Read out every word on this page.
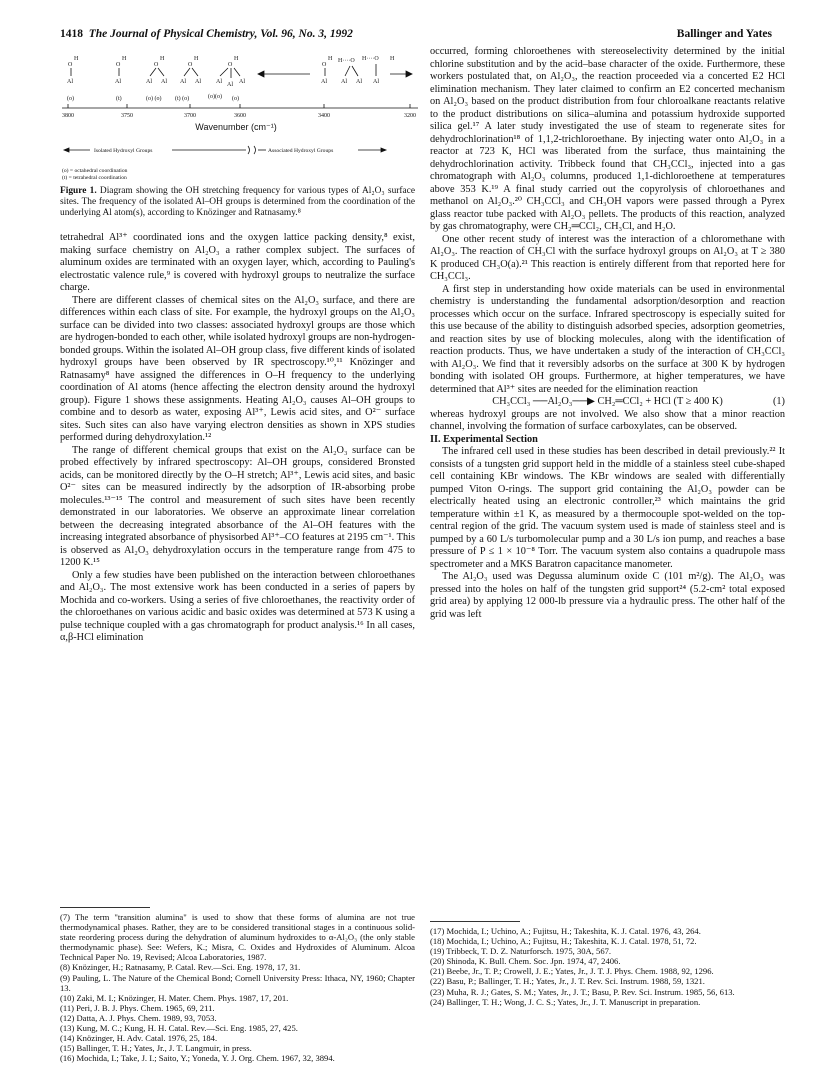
1418 The Journal of Physical Chemistry, Vol. 96, No. 3, 1992	Ballinger and Yates
O
H
Al
O
H
Al
O
H
Al Al
O
H
Al Al
O
H
Al Al Al
O
H H····O H····O H
Al Al Al Al
(o)	(t)	(o) (o) (t) (o)	(o)(o) (o)
3800	3750	3700	3600	3400	3200
Wavenumber (cm⁻¹)
Isolated Hydroxyl Groups	Associated Hydroxyl Groups
(o) = octahedral coordination
(t) = tetrahedral coordination
Figure 1. Diagram showing the OH stretching frequency for various types of Al₂O₃ surface sites. The frequency of the isolated Al–OH groups is determined from the coordination of the underlying Al atom(s), according to Knözinger and Ratnasamy.⁸

tetrahedral Al³⁺ coordinated ions and the oxygen lattice packing density,⁸ exist, making surface chemistry on Al₂O₃ a rather complex subject. The surfaces of aluminum oxides are terminated with an oxygen layer, which, according to Pauling's electrostatic valence rule,⁹ is covered with hydroxyl groups to neutralize the surface charge.

There are different classes of chemical sites on the Al₂O₃ surface, and there are differences within each class of site. For example, the hydroxyl groups on the Al₂O₃ surface can be divided into two classes: associated hydroxyl groups are those which are hydrogen-bonded to each other, while isolated hydroxyl groups are non-hydrogen-bonded groups. Within the isolated Al–OH group class, five different kinds of isolated hydroxyl groups have been observed by IR spectroscopy.¹⁰,¹¹ Knözinger and Ratnasamy⁸ have assigned the differences in O–H frequency to the underlying coordination of Al atoms (hence affecting the electron density around the hydroxyl group). Figure 1 shows these assignments. Heating Al₂O₃ causes Al–OH groups to combine and to desorb as water, exposing Al³⁺, Lewis acid sites, and O²⁻ surface sites. Such sites can also have varying electron densities as shown in XPS studies performed during dehydroxylation.¹²

The range of different chemical groups that exist on the Al₂O₃ surface can be probed effectively by infrared spectroscopy: Al–OH groups, considered Bronsted acids, can be monitored directly by the O–H stretch; Al³⁺, Lewis acid sites, and basic O²⁻ sites can be measured indirectly by the adsorption of IR-absorbing probe molecules.¹³⁻¹⁵ The control and measurement of such sites have been recently demonstrated in our laboratories. We observe an approximate linear correlation between the decreasing integrated absorbance of the Al–OH features with the increasing integrated absorbance of physisorbed Al³⁺–CO features at 2195 cm⁻¹. This is observed as Al₂O₃ dehydroxylation occurs in the temperature range from 475 to 1200 K.¹⁵

Only a few studies have been published on the interaction between chloroethanes and Al₂O₃. The most extensive work has been conducted in a series of papers by Mochida and co-workers. Using a series of five chloroethanes, the reactivity order of the chloroethanes on various acidic and basic oxides was determined at 573 K using a pulse technique coupled with a gas chromatograph for product analysis.¹⁶ In all cases, α,β-HCl elimination

(7) The term "transition alumina" is used to show that these forms of alumina are not true thermodynamical phases. Rather, they are to be considered transitional stages in a continuous solid-state reordering process during the dehydration of aluminum hydroxides to α-Al₂O₃ (the only stable thermodynamic phase). See: Wefers, K.; Misra, C. Oxides and Hydroxides of Aluminum. Alcoa Technical Paper No. 19, Revised; Alcoa Laboratories, 1987.
(8) Knözinger, H.; Ratnasamy, P. Catal. Rev.—Sci. Eng. 1978, 17, 31.
(9) Pauling, L. The Nature of the Chemical Bond; Cornell University Press: Ithaca, NY, 1960; Chapter 13.
(10) Zaki, M. I.; Knözinger, H. Mater. Chem. Phys. 1987, 17, 201.
(11) Peri, J. B. J. Phys. Chem. 1965, 69, 211.
(12) Datta, A. J. Phys. Chem. 1989, 93, 7053.
(13) Kung, M. C.; Kung, H. H. Catal. Rev.—Sci. Eng. 1985, 27, 425.
(14) Knözinger, H. Adv. Catal. 1976, 25, 184.
(15) Ballinger, T. H.; Yates, Jr., J. T. Langmuir, in press.
(16) Mochida, I.; Take, J. I.; Saito, Y.; Yoneda, Y. J. Org. Chem. 1967, 32, 3894.

occurred, forming chloroethenes with stereoselectivity determined by the initial chlorine substitution and by the acid–base character of the oxide. Furthermore, these workers postulated that, on Al₂O₃, the reaction proceeded via a concerted E2 HCl elimination mechanism. They later claimed to confirm an E2 concerted mechanism on Al₂O₃ based on the product distribution from four chloroalkane reactants relative to the product distributions on silica–alumina and potassium hydroxide supported silica gel.¹⁷ A later study investigated the use of steam to regenerate sites for dehydrochlorination¹⁸ of 1,1,2-trichloroethane. By injecting water onto Al₂O₃ in a reactor at 723 K, HCl was liberated from the surface, thus maintaining the dehydrochlorination activity. Tribbeck found that CH₃CCl₃, injected into a gas chromatograph with Al₂O₃ columns, produced 1,1-dichloroethene at temperatures above 353 K.¹⁹ A final study carried out the copyrolysis of chloroethanes and methanol on Al₂O₃.²⁰ CH₃CCl₃ and CH₃OH vapors were passed through a Pyrex glass reactor tube packed with Al₂O₃ pellets. The products of this reaction, analyzed by gas chromatography, were CH₂═CCl₂, CH₃Cl, and H₂O.

One other recent study of interest was the interaction of a chloromethane with Al₂O₃. The reaction of CH₃Cl with the surface hydroxyl groups on Al₂O₃ at T ≥ 380 K produced CH₃O(a).²¹ This reaction is entirely different from that reported here for CH₃CCl₃.

A first step in understanding how oxide materials can be used in environmental chemistry is understanding the fundamental adsorption/desorption and reaction processes which occur on the surface. Infrared spectroscopy is especially suited for this use because of the ability to distinguish adsorbed species, adsorption geometries, and reaction sites by use of blocking molecules, along with the identification of reaction products. Thus, we have undertaken a study of the interaction of CH₃CCl₃ with Al₂O₃. We find that it reversibly adsorbs on the surface at 300 K by hydrogen bonding with isolated OH groups. Furthermore, at higher temperatures, we have determined that Al³⁺ sites are needed for the elimination reaction

CH₃CCl₃ ──Al₂O₃──▶ CH₂═CCl₂ + HCl (T ≥ 400 K)	(1)

whereas hydroxyl groups are not involved. We also show that a minor reaction channel, involving the formation of surface carboxylates, can be observed.

II. Experimental Section

The infrared cell used in these studies has been described in detail previously.²² It consists of a tungsten grid support held in the middle of a stainless steel cube-shaped cell containing KBr windows. The KBr windows are sealed with differentially pumped Viton O-rings. The support grid containing the Al₂O₃ powder can be electrically heated using an electronic controller,²³ which maintains the grid temperature within ±1 K, as measured by a thermocouple spot-welded on the top-central region of the grid. The vacuum system used is made of stainless steel and is pumped by a 60 L/s turbomolecular pump and a 30 L/s ion pump, and reaches a base pressure of P ≤ 1 × 10⁻⁸ Torr. The vacuum system also contains a quadrupole mass spectrometer and a MKS Baratron capacitance manometer.

The Al₂O₃ used was Degussa aluminum oxide C (101 m²/g). The Al₂O₃ was pressed into the holes on half of the tungsten grid support²⁴ (5.2-cm² total exposed grid area) by applying 12 000-lb pressure via a hydraulic press. The other half of the grid was left

(17) Mochida, I.; Uchino, A.; Fujitsu, H.; Takeshita, K. J. Catal. 1976, 43, 264.
(18) Mochida, I.; Uchino, A.; Fujitsu, H.; Takeshita, K. J. Catal. 1978, 51, 72.
(19) Tribbeck, T. D. Z. Naturforsch. 1975, 30A, 567.
(20) Shinoda, K. Bull. Chem. Soc. Jpn. 1974, 47, 2406.
(21) Beebe, Jr., T. P.; Crowell, J. E.; Yates, Jr., J. T. J. Phys. Chem. 1988, 92, 1296.
(22) Basu, P.; Ballinger, T. H.; Yates, Jr., J. T. Rev. Sci. Instrum. 1988, 59, 1321.
(23) Muha, R. J.; Gates, S. M.; Yates, Jr., J. T.; Basu, P. Rev. Sci. Instrum. 1985, 56, 613.
(24) Ballinger, T. H.; Wong, J. C. S.; Yates, Jr., J. T. Manuscript in preparation.
